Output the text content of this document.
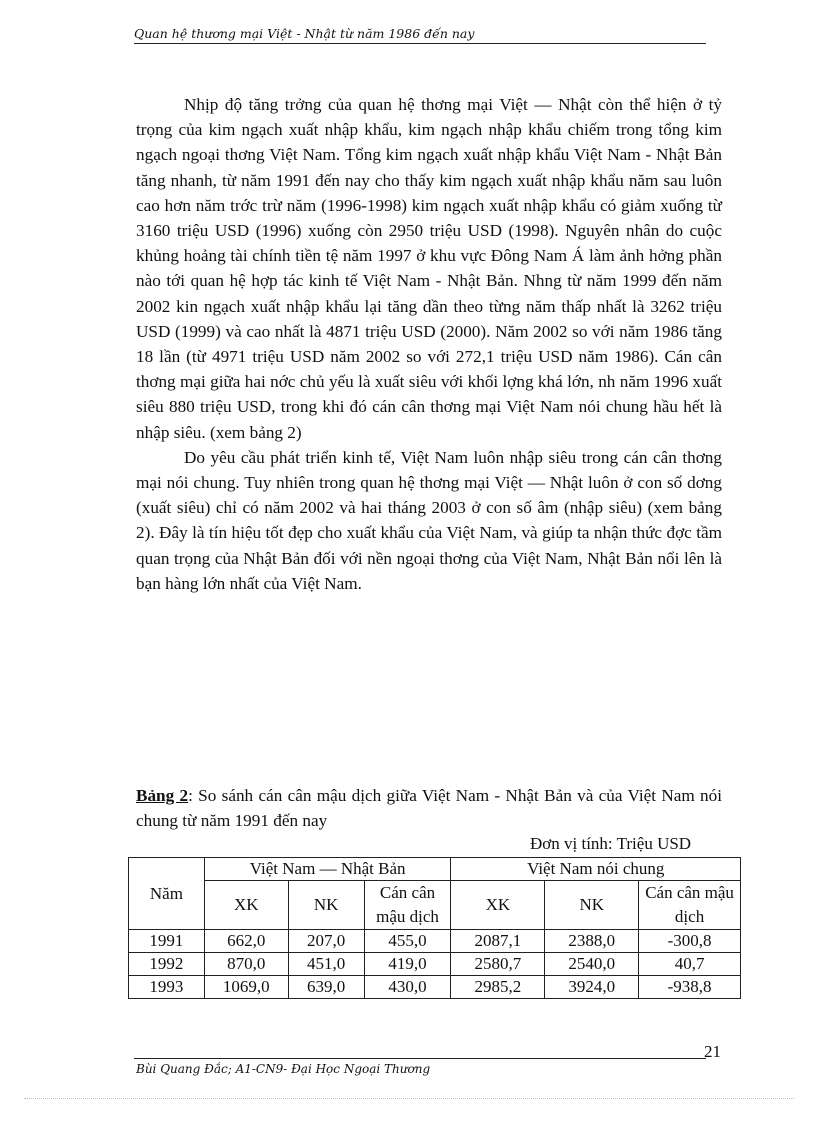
Quan hệ thương mại Việt - Nhật từ năm 1986 đến nay

Nhịp độ tăng trởng của quan hệ thơng mại Việt — Nhật còn thể hiện ở tỷ trọng của kim ngạch xuất nhập khẩu, kim ngạch nhập khẩu chiếm trong tổng kim ngạch ngoại thơng Việt Nam. Tổng kim ngạch xuất nhập khẩu Việt Nam - Nhật Bản tăng nhanh, từ năm 1991 đến nay cho thấy kim ngạch xuất nhập khẩu năm sau luôn cao hơn năm trớc trừ năm (1996-1998) kim ngạch xuất nhập khẩu có giảm xuống từ 3160 triệu USD (1996) xuống còn 2950 triệu USD (1998). Nguyên nhân do cuộc khủng hoảng tài chính tiền tệ năm 1997 ở khu vực Đông Nam Á làm ảnh hởng phần nào tới quan hệ hợp tác kinh tế Việt Nam - Nhật Bản. Nhng từ năm 1999 đến năm 2002 kin ngạch xuất nhập khẩu lại tăng dần theo từng năm thấp nhất là 3262 triệu USD (1999) và cao nhất là 4871 triệu USD (2000). Năm 2002 so với năm 1986 tăng 18 lần (từ 4971 triệu USD năm 2002 so với 272,1 triệu USD năm 1986). Cán cân thơng mại giữa hai nớc chủ yếu là xuất siêu với khối lợng khá lớn, nh năm 1996 xuất siêu 880 triệu USD, trong khi đó cán cân thơng mại Việt Nam nói chung hầu hết là nhập siêu. (xem bảng 2)

Do yêu cầu phát triển kinh tế, Việt Nam luôn nhập siêu trong cán cân thơng mại nói chung. Tuy nhiên trong quan hệ thơng mại Việt — Nhật luôn ở con số dơng (xuất siêu) chỉ có năm 2002 và hai tháng 2003 ở con số âm (nhập siêu) (xem bảng 2). Đây là tín hiệu tốt đẹp cho xuất khẩu của Việt Nam, và giúp ta nhận thức đợc tầm quan trọng của Nhật Bản đối với nền ngoại thơng của Việt Nam, Nhật Bản nổi lên là bạn hàng lớn nhất của Việt Nam.

Bảng 2: So sánh cán cân mậu dịch giữa Việt Nam - Nhật Bản và của Việt Nam nói chung từ năm 1991 đến nay
Đơn vị tính: Triệu USD
Năm	Việt Nam — Nhật Bản			Việt Nam nói chung		
	XK	NK	Cán cân mậu dịch	XK	NK	Cán cân mậu dịch
1991	662,0	207,0	455,0	2087,1	2388,0	-300,8
1992	870,0	451,0	419,0	2580,7	2540,0	40,7
1993	1069,0	639,0	430,0	2985,2	3924,0	-938,8
21
Bùi Quang Đắc; A1-CN9- Đại Học Ngoại Thương
